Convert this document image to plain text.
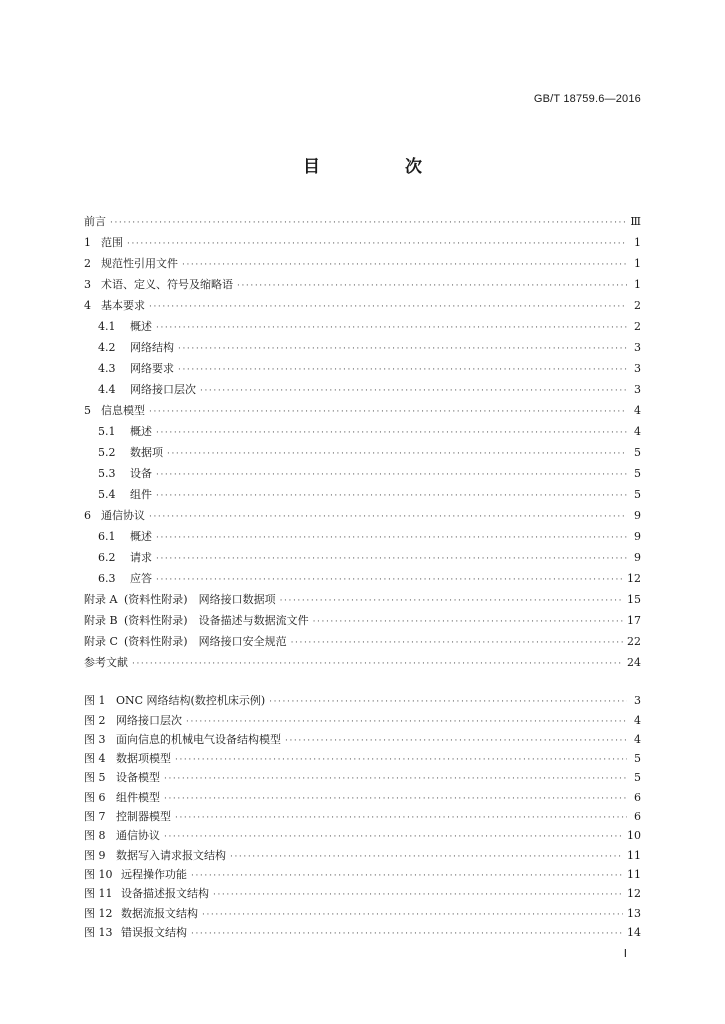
GB/T 18759.6—2016
目　次
前言 ·····	Ⅲ
1 范围 ·····	1
2 规范性引用文件 ·····	1
3 术语、定义、符号及缩略语 ·····	1
4 基本要求 ·····	2
4.1	概述 ·····	2
4.2	网络结构 ·····	3
4.3	网络要求 ·····	3
4.4	网络接口层次 ·····	3
5 信息模型 ·····	4
5.1	概述 ·····	4
5.2	数据项 ·····	5
5.3	设备 ·····	5
5.4	组件 ·····	5
6 通信协议 ·····	9
6.1	概述 ·····	9
6.2	请求 ·····	9
6.3	应答 ·····	12
附录 A (资料性附录)　网络接口数据项 ·····	15
附录 B (资料性附录)　设备描述与数据流文件 ·····	17
附录 C (资料性附录)　网络接口安全规范 ·····	22
参考文献 ·····	24
图 1 ONC 网络结构(数控机床示例) ·····	3
图 2 网络接口层次 ·····	4
图 3 面向信息的机械电气设备结构模型 ·····	4
图 4 数据项模型 ·····	5
图 5 设备模型 ·····	5
图 6 组件模型 ·····	6
图 7 控制器模型 ·····	6
图 8 通信协议 ·····	10
图 9 数据写入请求报文结构 ·····	11
图 10 远程操作功能 ·····	11
图 11 设备描述报文结构 ·····	12
图 12 数据流报文结构 ·····	13
图 13 错误报文结构 ·····	14
Ⅰ
